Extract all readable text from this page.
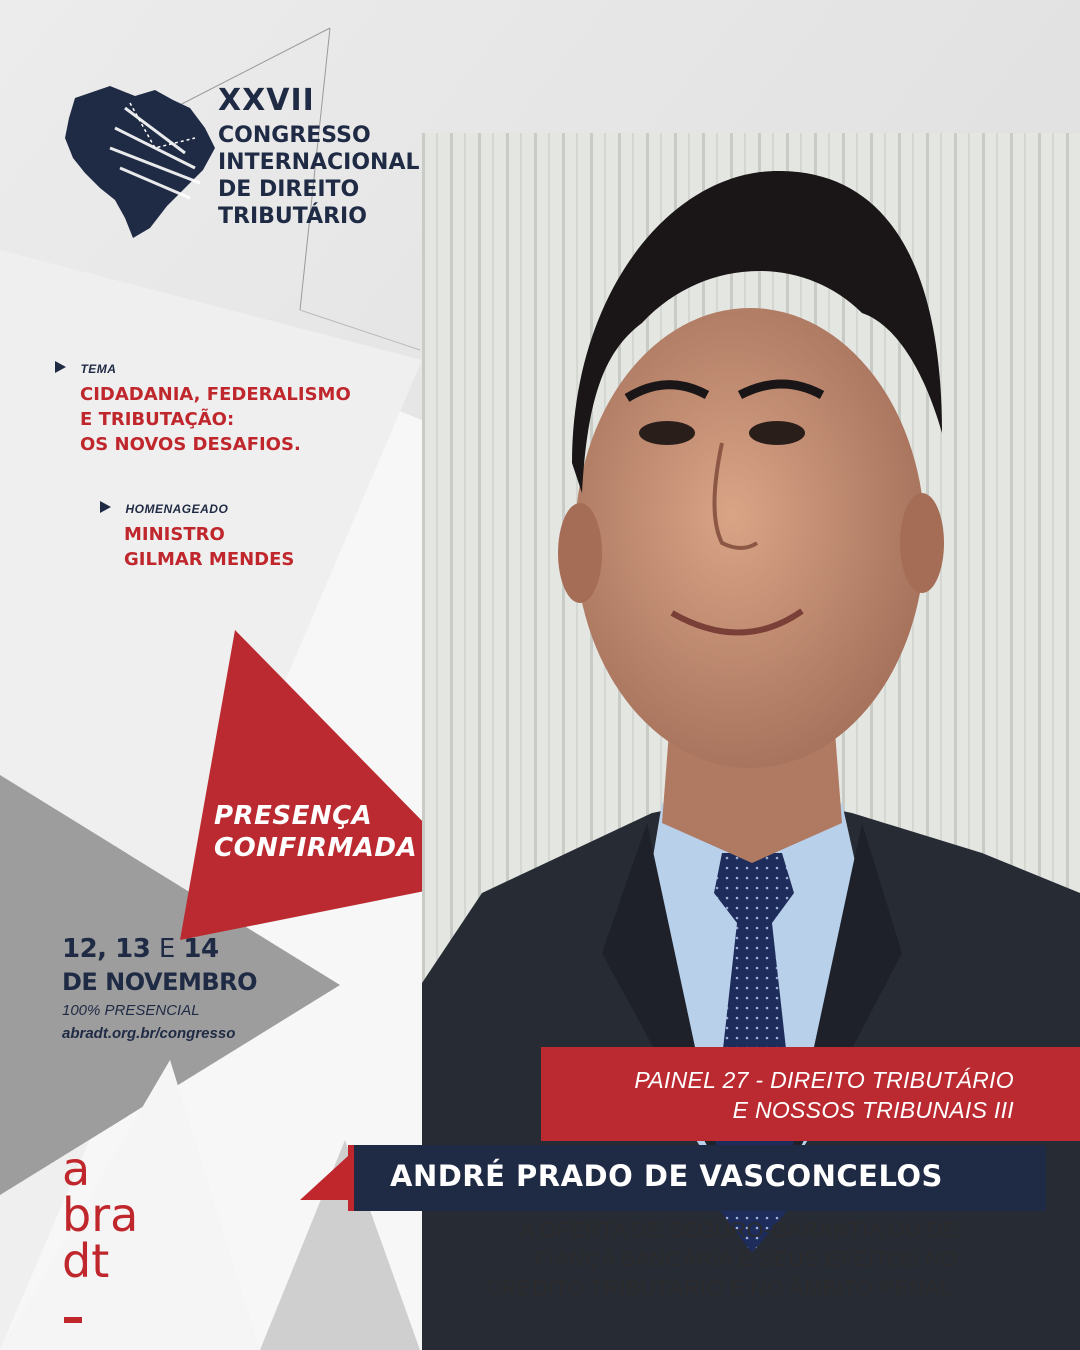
XXVII
CONGRESSO
INTERNACIONAL
DE DIREITO
TRIBUTÁRIO
TEMA
CIDADANIA, FEDERALISMO
E TRIBUTAÇÃO:
OS NOVOS DESAFIOS.
HOMENAGEADO
MINISTRO
GILMAR MENDES
PRESENÇA
CONFIRMADA
12, 13 E 14
DE NOVEMBRO
100% PRESENCIAL
abradt.org.br/congresso
PAINEL 27 - DIREITO TRIBUTÁRIO
E NOSSOS TRIBUNAIS III
ANDRÉ PRADO DE VASCONCELOS
A OFERTA DE SEGURO-GARANTIA OU DE
FIANÇA BANCÁRIA E SEUS EFEITOS NO
CRÉDITO TRIBUTÁRIO E NO ÂMBITO PENAL.
a
bra
dt
